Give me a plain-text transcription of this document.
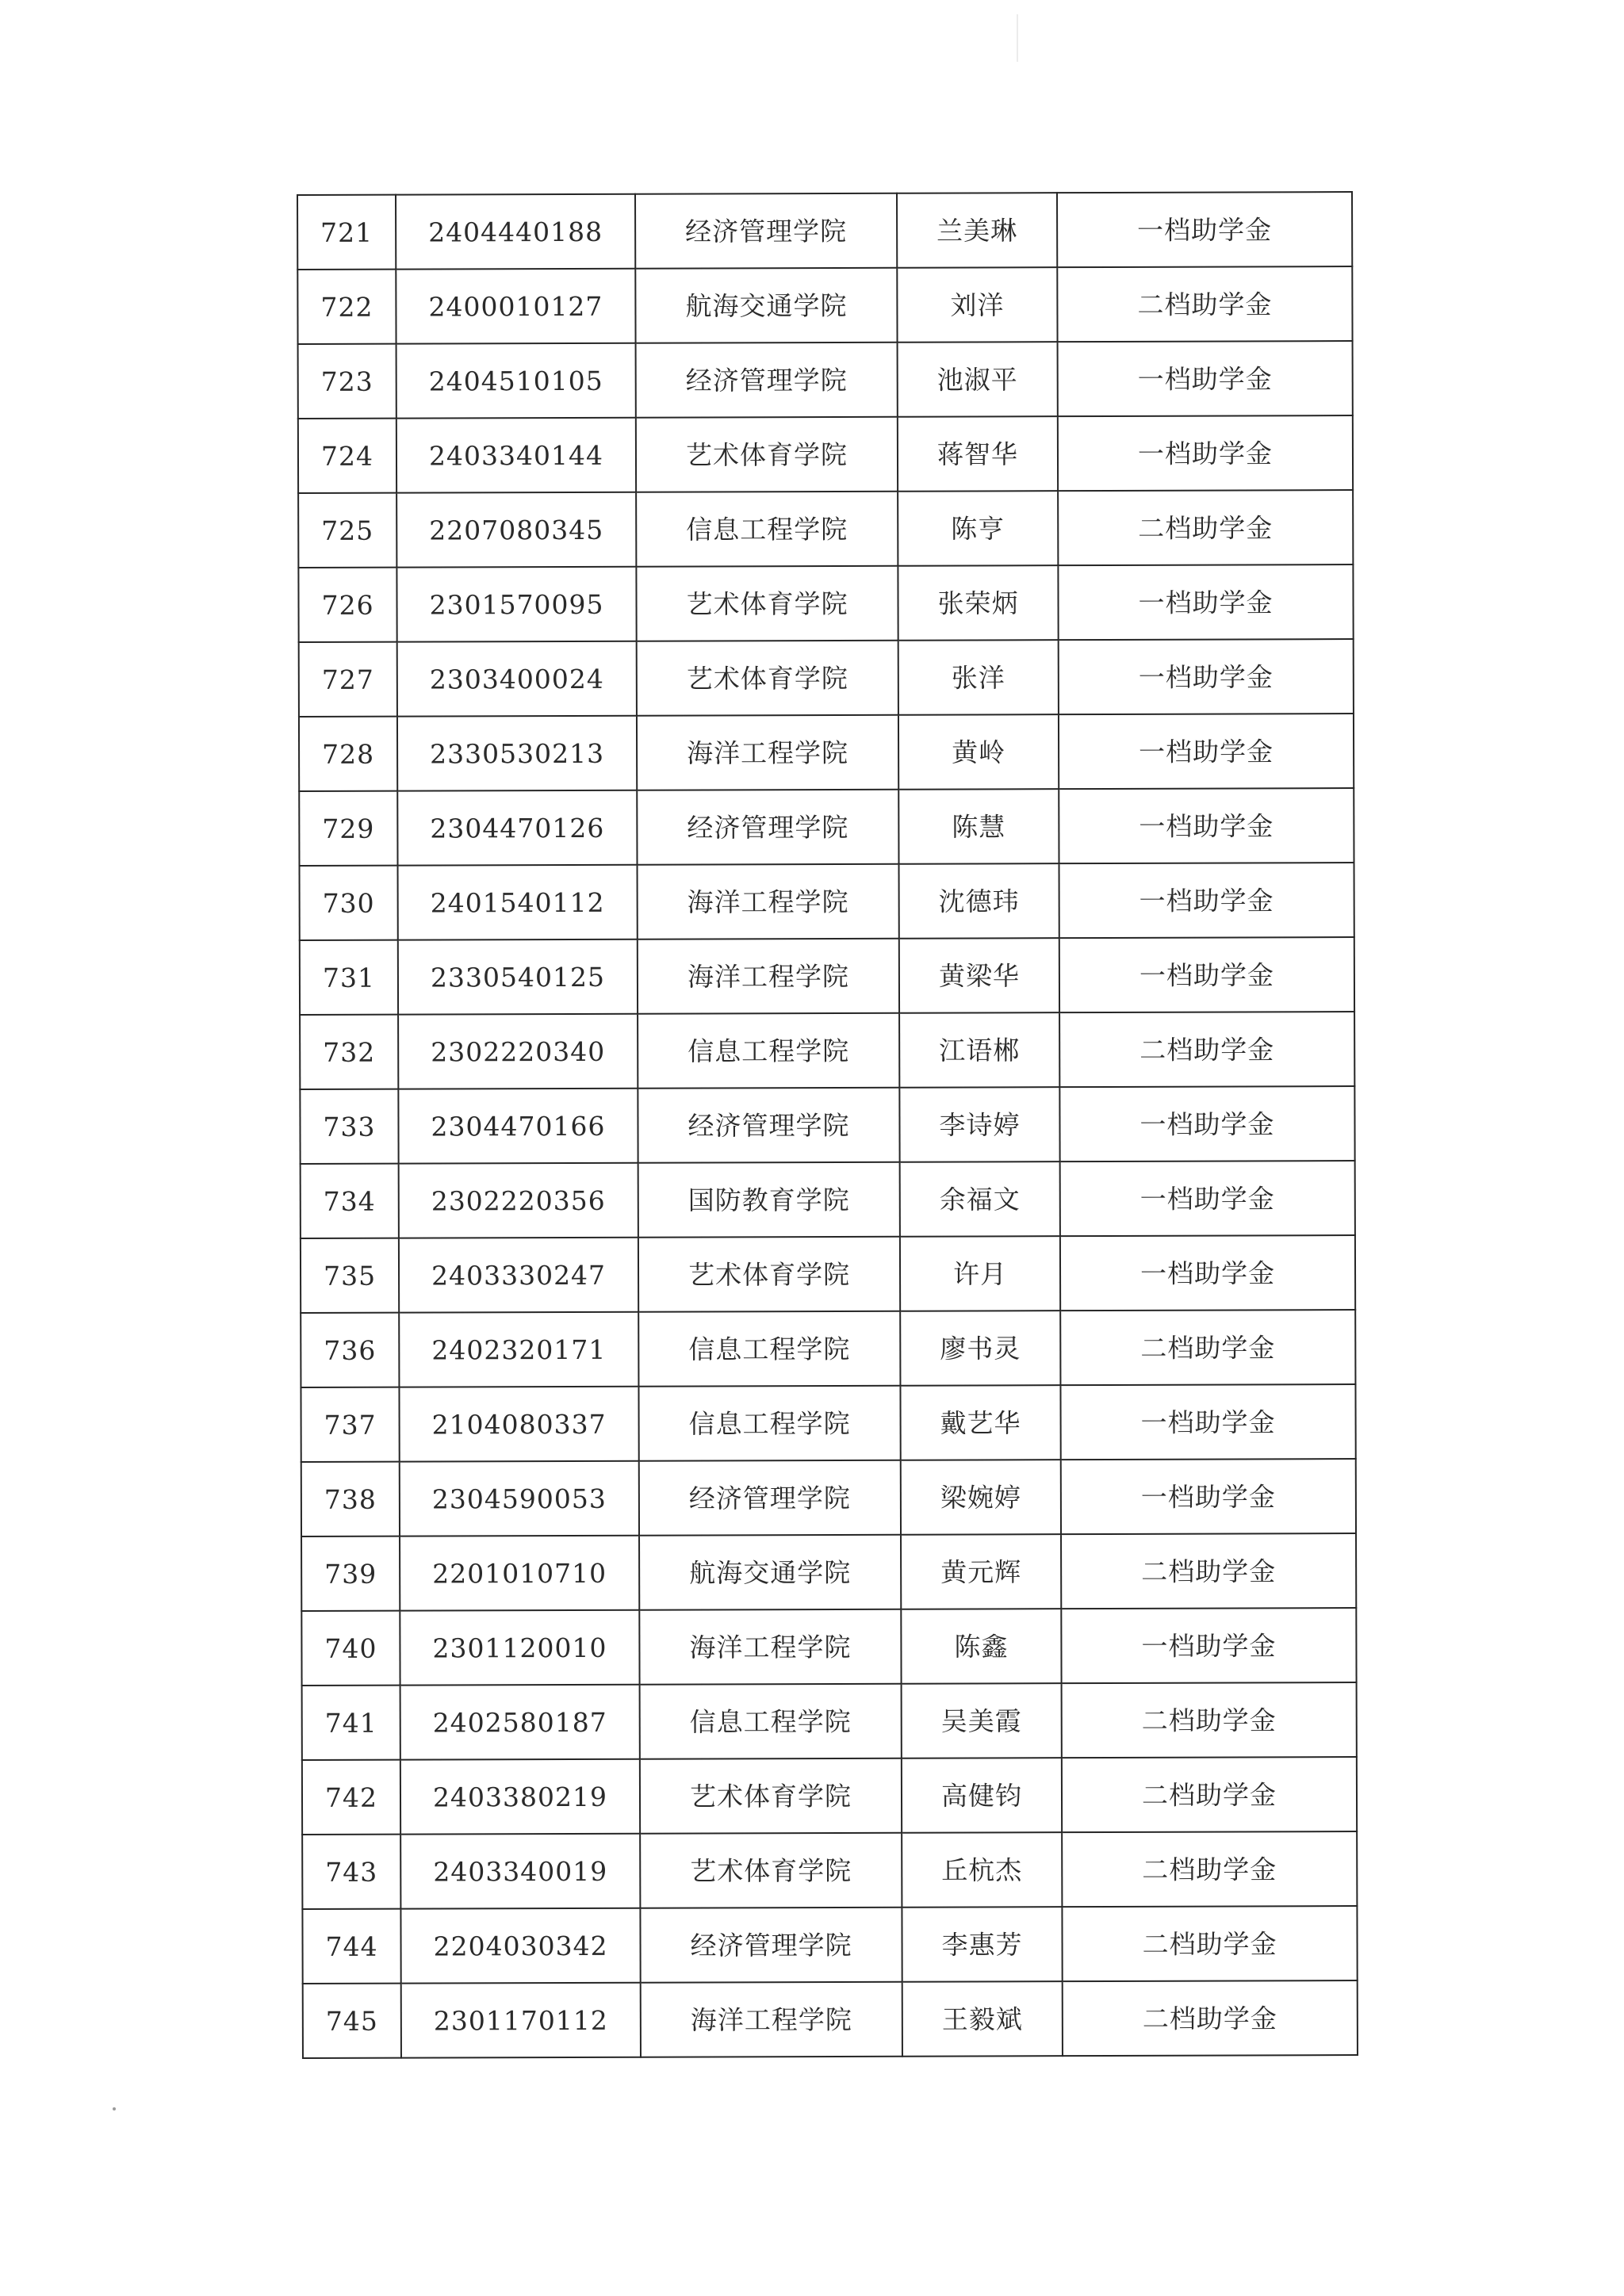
721	2404440188	经济管理学院	兰美琳	一档助学金
722	2400010127	航海交通学院	刘洋	二档助学金
723	2404510105	经济管理学院	池淑平	一档助学金
724	2403340144	艺术体育学院	蒋智华	一档助学金
725	2207080345	信息工程学院	陈亨	二档助学金
726	2301570095	艺术体育学院	张荣炳	一档助学金
727	2303400024	艺术体育学院	张洋	一档助学金
728	2330530213	海洋工程学院	黄岭	一档助学金
729	2304470126	经济管理学院	陈慧	一档助学金
730	2401540112	海洋工程学院	沈德玮	一档助学金
731	2330540125	海洋工程学院	黄梁华	一档助学金
732	2302220340	信息工程学院	江语郴	二档助学金
733	2304470166	经济管理学院	李诗婷	一档助学金
734	2302220356	国防教育学院	余福文	一档助学金
735	2403330247	艺术体育学院	许月	一档助学金
736	2402320171	信息工程学院	廖书灵	二档助学金
737	2104080337	信息工程学院	戴艺华	一档助学金
738	2304590053	经济管理学院	梁婉婷	一档助学金
739	2201010710	航海交通学院	黄元辉	二档助学金
740	2301120010	海洋工程学院	陈鑫	一档助学金
741	2402580187	信息工程学院	吴美霞	二档助学金
742	2403380219	艺术体育学院	高健钧	二档助学金
743	2403340019	艺术体育学院	丘杭杰	二档助学金
744	2204030342	经济管理学院	李惠芳	二档助学金
745	2301170112	海洋工程学院	王毅斌	二档助学金
